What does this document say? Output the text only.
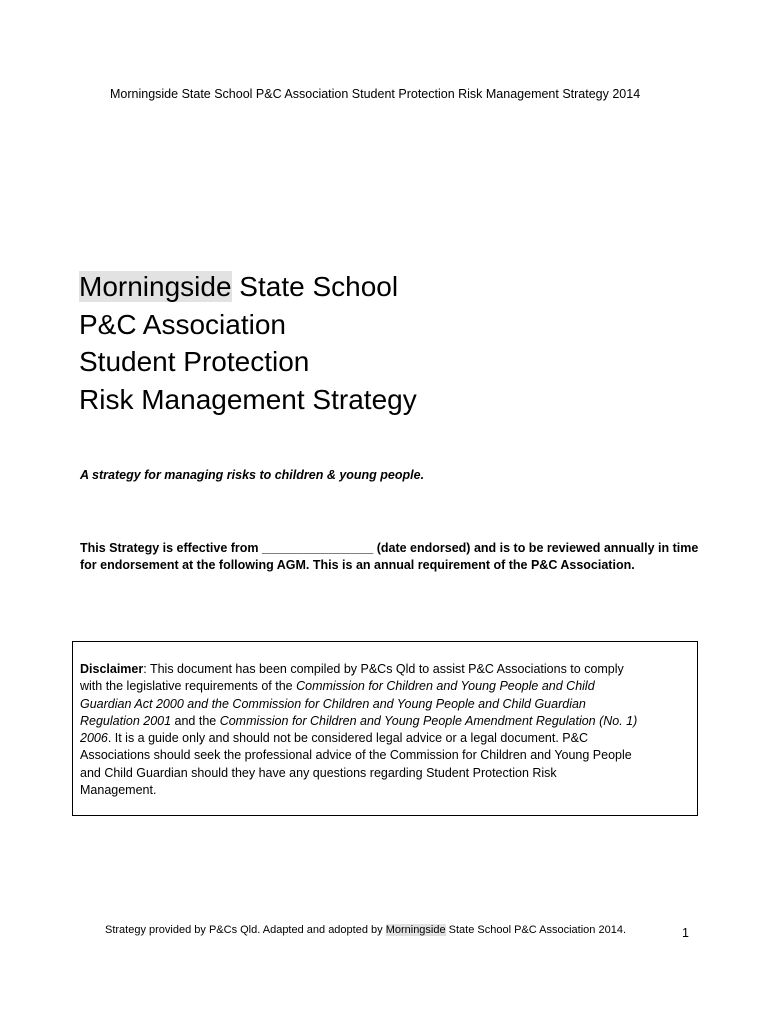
Morningside State School P&C Association Student Protection Risk Management Strategy 2014
Morningside State School
P&C Association
Student Protection
Risk Management Strategy
A strategy for managing risks to children & young people.
This Strategy is effective from ________________ (date endorsed) and is to be reviewed annually in time
for endorsement at the following AGM. This is an annual requirement of the P&C Association.
Disclaimer: This document has been compiled by P&Cs Qld to assist P&C Associations to comply
with the legislative requirements of the Commission for Children and Young People and Child
Guardian Act 2000 and the Commission for Children and Young People and Child Guardian
Regulation 2001 and the Commission for Children and Young People Amendment Regulation (No. 1)
2006. It is a guide only and should not be considered legal advice or a legal document. P&C
Associations should seek the professional advice of the Commission for Children and Young People
and Child Guardian should they have any questions regarding Student Protection Risk
Management.
Strategy provided by P&Cs Qld. Adapted and adopted by Morningside State School P&C Association 2014.	1
